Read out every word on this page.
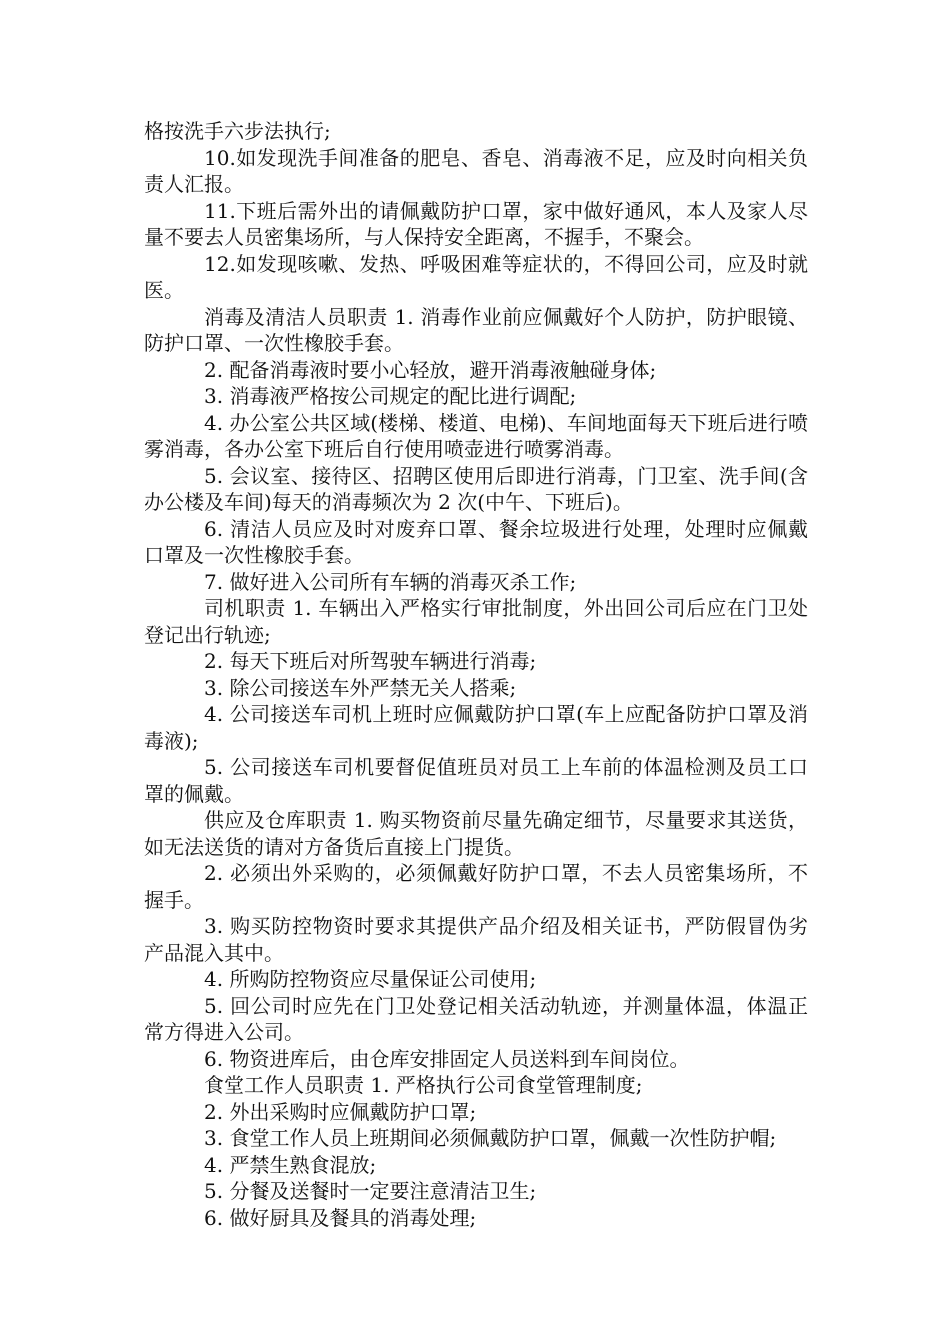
格按洗手六步法执行;

10.如发现洗手间准备的肥皂、香皂、消毒液不足，应及时向相关负责人汇报。

11.下班后需外出的请佩戴防护口罩，家中做好通风，本人及家人尽量不要去人员密集场所，与人保持安全距离，不握手，不聚会。

12.如发现咳嗽、发热、呼吸困难等症状的，不得回公司，应及时就医。

消毒及清洁人员职责 1. 消毒作业前应佩戴好个人防护，防护眼镜、防护口罩、一次性橡胶手套。

2. 配备消毒液时要小心轻放，避开消毒液触碰身体;

3. 消毒液严格按公司规定的配比进行调配;

4. 办公室公共区域(楼梯、楼道、电梯)、车间地面每天下班后进行喷雾消毒，各办公室下班后自行使用喷壶进行喷雾消毒。

5. 会议室、接待区、招聘区使用后即进行消毒，门卫室、洗手间(含办公楼及车间)每天的消毒频次为 2 次(中午、下班后)。

6. 清洁人员应及时对废弃口罩、餐余垃圾进行处理，处理时应佩戴口罩及一次性橡胶手套。

7. 做好进入公司所有车辆的消毒灭杀工作;

司机职责 1. 车辆出入严格实行审批制度，外出回公司后应在门卫处登记出行轨迹;

2. 每天下班后对所驾驶车辆进行消毒;

3. 除公司接送车外严禁无关人搭乘;

4. 公司接送车司机上班时应佩戴防护口罩(车上应配备防护口罩及消毒液);

5. 公司接送车司机要督促值班员对员工上车前的体温检测及员工口罩的佩戴。

供应及仓库职责 1. 购买物资前尽量先确定细节，尽量要求其送货，如无法送货的请对方备货后直接上门提货。

2. 必须出外采购的，必须佩戴好防护口罩，不去人员密集场所，不握手。

3. 购买防控物资时要求其提供产品介绍及相关证书，严防假冒伪劣产品混入其中。

4. 所购防控物资应尽量保证公司使用;

5. 回公司时应先在门卫处登记相关活动轨迹，并测量体温，体温正常方得进入公司。

6. 物资进库后，由仓库安排固定人员送料到车间岗位。

食堂工作人员职责 1. 严格执行公司食堂管理制度;

2. 外出采购时应佩戴防护口罩;

3. 食堂工作人员上班期间必须佩戴防护口罩，佩戴一次性防护帽;

4. 严禁生熟食混放;

5. 分餐及送餐时一定要注意清洁卫生;

6. 做好厨具及餐具的消毒处理;
